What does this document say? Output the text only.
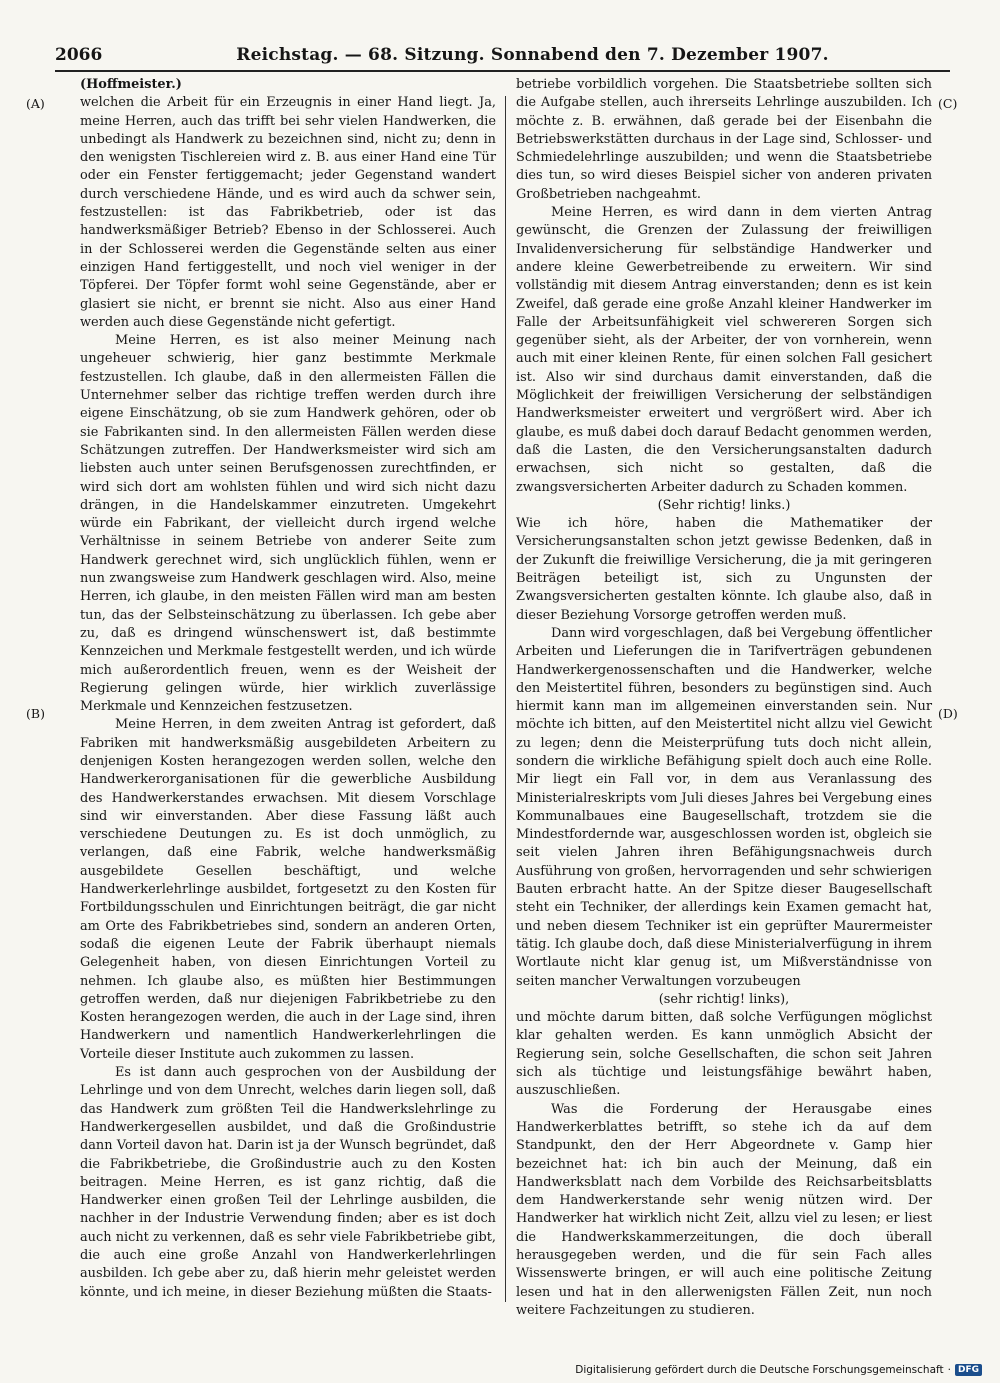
2066	Reichstag. — 68. Sitzung. Sonnabend den 7. Dezember 1907.
(A)
(B)
(C)
(D)

(Hoffmeister.)

welchen die Arbeit für ein Erzeugnis in einer Hand liegt. Ja, meine Herren, auch das trifft bei sehr vielen Handwerken, die unbedingt als Handwerk zu bezeichnen sind, nicht zu; denn in den wenigsten Tischlereien wird z. B. aus einer Hand eine Tür oder ein Fenster fertiggemacht; jeder Gegenstand wandert durch verschiedene Hände, und es wird auch da schwer sein, festzustellen: ist das Fabrikbetrieb, oder ist das handwerksmäßiger Betrieb? Ebenso in der Schlosserei. Auch in der Schlosserei werden die Gegenstände selten aus einer einzigen Hand fertiggestellt, und noch viel weniger in der Töpferei. Der Töpfer formt wohl seine Gegenstände, aber er glasiert sie nicht, er brennt sie nicht. Also aus einer Hand werden auch diese Gegenstände nicht gefertigt.

Meine Herren, es ist also meiner Meinung nach ungeheuer schwierig, hier ganz bestimmte Merkmale festzustellen. Ich glaube, daß in den allermeisten Fällen die Unternehmer selber das richtige treffen werden durch ihre eigene Einschätzung, ob sie zum Handwerk gehören, oder ob sie Fabrikanten sind. In den allermeisten Fällen werden diese Schätzungen zutreffen. Der Handwerksmeister wird sich am liebsten auch unter seinen Berufsgenossen zurechtfinden, er wird sich dort am wohlsten fühlen und wird sich nicht dazu drängen, in die Handelskammer einzutreten. Umgekehrt würde ein Fabrikant, der vielleicht durch irgend welche Verhältnisse in seinem Betriebe von anderer Seite zum Handwerk gerechnet wird, sich unglücklich fühlen, wenn er nun zwangsweise zum Handwerk geschlagen wird. Also, meine Herren, ich glaube, in den meisten Fällen wird man am besten tun, das der Selbsteinschätzung zu überlassen. Ich gebe aber zu, daß es dringend wünschenswert ist, daß bestimmte Kennzeichen und Merkmale festgestellt werden, und ich würde mich außerordentlich freuen, wenn es der Weisheit der Regierung gelingen würde, hier wirklich zuverlässige Merkmale und Kennzeichen festzusetzen.

Meine Herren, in dem zweiten Antrag ist gefordert, daß Fabriken mit handwerksmäßig ausgebildeten Arbeitern zu denjenigen Kosten herangezogen werden sollen, welche den Handwerkerorganisationen für die gewerbliche Ausbildung des Handwerkerstandes erwachsen. Mit diesem Vorschlage sind wir einverstanden. Aber diese Fassung läßt auch verschiedene Deutungen zu. Es ist doch unmöglich, zu verlangen, daß eine Fabrik, welche handwerksmäßig ausgebildete Gesellen beschäftigt, und welche Handwerkerlehrlinge ausbildet, fortgesetzt zu den Kosten für Fortbildungsschulen und Einrichtungen beiträgt, die gar nicht am Orte des Fabrikbetriebes sind, sondern an anderen Orten, sodaß die eigenen Leute der Fabrik überhaupt niemals Gelegenheit haben, von diesen Einrichtungen Vorteil zu nehmen. Ich glaube also, es müßten hier Bestimmungen getroffen werden, daß nur diejenigen Fabrikbetriebe zu den Kosten herangezogen werden, die auch in der Lage sind, ihren Handwerkern und namentlich Handwerkerlehrlingen die Vorteile dieser Institute auch zukommen zu lassen.

Es ist dann auch gesprochen von der Ausbildung der Lehrlinge und von dem Unrecht, welches darin liegen soll, daß das Handwerk zum größten Teil die Handwerkslehrlinge zu Handwerkergesellen ausbildet, und daß die Großindustrie dann Vorteil davon hat. Darin ist ja der Wunsch begründet, daß die Fabrikbetriebe, die Großindustrie auch zu den Kosten beitragen. Meine Herren, es ist ganz richtig, daß die Handwerker einen großen Teil der Lehrlinge ausbilden, die nachher in der Industrie Verwendung finden; aber es ist doch auch nicht zu verkennen, daß es sehr viele Fabrikbetriebe gibt, die auch eine große Anzahl von Handwerkerlehrlingen ausbilden. Ich gebe aber zu, daß hierin mehr geleistet werden könnte, und ich meine, in dieser Beziehung müßten die Staats-

betriebe vorbildlich vorgehen. Die Staatsbetriebe sollten sich die Aufgabe stellen, auch ihrerseits Lehrlinge auszubilden. Ich möchte z. B. erwähnen, daß gerade bei der Eisenbahn die Betriebswerkstätten durchaus in der Lage sind, Schlosser- und Schmiedelehrlinge auszubilden; und wenn die Staatsbetriebe dies tun, so wird dieses Beispiel sicher von anderen privaten Großbetrieben nachgeahmt.

Meine Herren, es wird dann in dem vierten Antrag gewünscht, die Grenzen der Zulassung der freiwilligen Invalidenversicherung für selbständige Handwerker und andere kleine Gewerbetreibende zu erweitern. Wir sind vollständig mit diesem Antrag einverstanden; denn es ist kein Zweifel, daß gerade eine große Anzahl kleiner Handwerker im Falle der Arbeitsunfähigkeit viel schwereren Sorgen sich gegenüber sieht, als der Arbeiter, der von vornherein, wenn auch mit einer kleinen Rente, für einen solchen Fall gesichert ist. Also wir sind durchaus damit einverstanden, daß die Möglichkeit der freiwilligen Versicherung der selbständigen Handwerksmeister erweitert und vergrößert wird. Aber ich glaube, es muß dabei doch darauf Bedacht genommen werden, daß die Lasten, die den Versicherungsanstalten dadurch erwachsen, sich nicht so gestalten, daß die zwangsversicherten Arbeiter dadurch zu Schaden kommen.

(Sehr richtig! links.)

Wie ich höre, haben die Mathematiker der Versicherungsanstalten schon jetzt gewisse Bedenken, daß in der Zukunft die freiwillige Versicherung, die ja mit geringeren Beiträgen beteiligt ist, sich zu Ungunsten der Zwangsversicherten gestalten könnte. Ich glaube also, daß in dieser Beziehung Vorsorge getroffen werden muß.

Dann wird vorgeschlagen, daß bei Vergebung öffentlicher Arbeiten und Lieferungen die in Tarifverträgen gebundenen Handwerkergenossenschaften und die Handwerker, welche den Meistertitel führen, besonders zu begünstigen sind. Auch hiermit kann man im allgemeinen einverstanden sein. Nur möchte ich bitten, auf den Meistertitel nicht allzu viel Gewicht zu legen; denn die Meisterprüfung tuts doch nicht allein, sondern die wirkliche Befähigung spielt doch auch eine Rolle. Mir liegt ein Fall vor, in dem aus Veranlassung des Ministerialreskripts vom Juli dieses Jahres bei Vergebung eines Kommunalbaues eine Baugesellschaft, trotzdem sie die Mindestfordernde war, ausgeschlossen worden ist, obgleich sie seit vielen Jahren ihren Befähigungsnachweis durch Ausführung von großen, hervorragenden und sehr schwierigen Bauten erbracht hatte. An der Spitze dieser Baugesellschaft steht ein Techniker, der allerdings kein Examen gemacht hat, und neben diesem Techniker ist ein geprüfter Maurermeister tätig. Ich glaube doch, daß diese Ministerialverfügung in ihrem Wortlaute nicht klar genug ist, um Mißverständnisse von seiten mancher Verwaltungen vorzubeugen

(sehr richtig! links),

und möchte darum bitten, daß solche Verfügungen möglichst klar gehalten werden. Es kann unmöglich Absicht der Regierung sein, solche Gesellschaften, die schon seit Jahren sich als tüchtige und leistungsfähige bewährt haben, auszuschließen.

Was die Forderung der Herausgabe eines Handwerkerblattes betrifft, so stehe ich da auf dem Standpunkt, den der Herr Abgeordnete v. Gamp hier bezeichnet hat: ich bin auch der Meinung, daß ein Handwerksblatt nach dem Vorbilde des Reichsarbeitsblatts dem Handwerkerstande sehr wenig nützen wird. Der Handwerker hat wirklich nicht Zeit, allzu viel zu lesen; er liest die Handwerkskammerzeitungen, die doch überall herausgegeben werden, und die für sein Fach alles Wissenswerte bringen, er will auch eine politische Zeitung lesen und hat in den allerwenigsten Fällen Zeit, nun noch weitere Fachzeitungen zu studieren.

Digitalisierung gefördert durch die Deutsche Forschungsgemeinschaft · DFG
